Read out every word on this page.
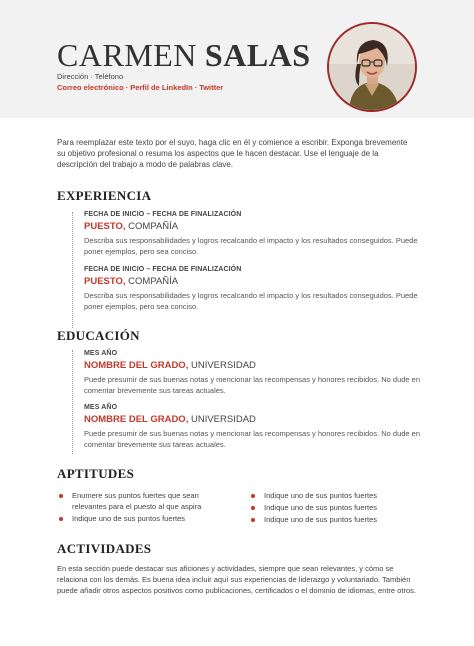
CARMEN SALAS
Dirección · Teléfono
Correo electrónico · Perfil de LinkedIn · Twitter
Para reemplazar este texto por el suyo, haga clic en él y comience a escribir. Exponga brevemente su objetivo profesional o resuma los aspectos que le hacen destacar. Use el lenguaje de la descripción del trabajo a modo de palabras clave.
EXPERIENCIA
FECHA DE INICIO – FECHA DE FINALIZACIÓN
PUESTO, COMPAÑÍA
Describa sus responsabilidades y logros recalcando el impacto y los resultados conseguidos. Puede poner ejemplos, pero sea conciso.
FECHA DE INICIO – FECHA DE FINALIZACIÓN
PUESTO, COMPAÑÍA
Describa sus responsabilidades y logros recalcando el impacto y los resultados conseguidos. Puede poner ejemplos, pero sea conciso.
EDUCACIÓN
MES AÑO
NOMBRE DEL GRADO, UNIVERSIDAD
Puede presumir de sus buenas notas y mencionar las recompensas y honores recibidos. No dude en comentar brevemente sus tareas actuales.
MES AÑO
NOMBRE DEL GRADO, UNIVERSIDAD
Puede presumir de sus buenas notas y mencionar las recompensas y honores recibidos. No dude en comentar brevemente sus tareas actuales.
APTITUDES
Enumere sus puntos fuertes que sean relevantes para el puesto al que aspira
Indique uno de sus puntos fuertes
Indique uno de sus puntos fuertes
Indique uno de sus puntos fuertes
Indique uno de sus puntos fuertes
ACTIVIDADES
En esta sección puede destacar sus aficiones y actividades, siempre que sean relevantes, y cómo se relaciona con los demás. Es buena idea incluir aquí sus experiencias de liderazgo y voluntariado. También puede añadir otros aspectos positivos como publicaciones, certificados o el dominio de idiomas, entre otros.
